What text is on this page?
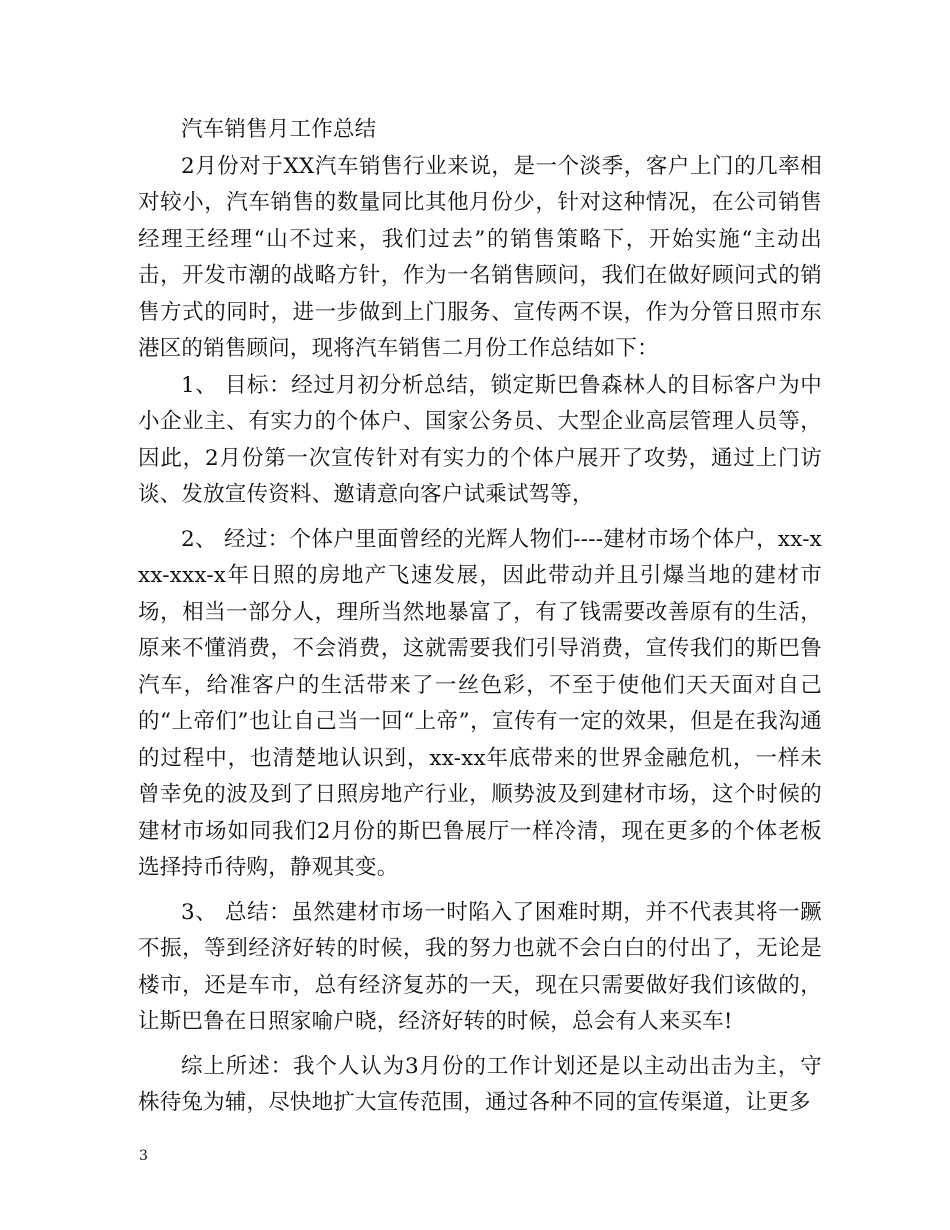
汽车销售月工作总结

2月份对于XX汽车销售行业来说，是一个淡季，客户上门的几率相对较小，汽车销售的数量同比其他月份少，针对这种情况，在公司销售经理王经理“山不过来，我们过去”的销售策略下，开始实施“主动出击，开发市潮的战略方针，作为一名销售顾问，我们在做好顾问式的销售方式的同时，进一步做到上门服务、宣传两不误，作为分管日照市东港区的销售顾问，现将汽车销售二月份工作总结如下：

1、 目标：经过月初分析总结，锁定斯巴鲁森林人的目标客户为中小企业主、有实力的个体户、国家公务员、大型企业高层管理人员等，因此，2月份第一次宣传针对有实力的个体户展开了攻势，通过上门访谈、发放宣传资料、邀请意向客户试乘试驾等，

2、 经过：个体户里面曾经的光辉人物们----建材市场个体户，xx-xxx-xxx-x年日照的房地产飞速发展，因此带动并且引爆当地的建材市场，相当一部分人，理所当然地暴富了，有了钱需要改善原有的生活，原来不懂消费，不会消费，这就需要我们引导消费，宣传我们的斯巴鲁汽车，给准客户的生活带来了一丝色彩，不至于使他们天天面对自己的“上帝们”也让自己当一回“上帝”，宣传有一定的效果，但是在我沟通的过程中，也清楚地认识到，xx-xx年底带来的世界金融危机，一样未曾幸免的波及到了日照房地产行业，顺势波及到建材市场，这个时候的建材市场如同我们2月份的斯巴鲁展厅一样冷清，现在更多的个体老板选择持币待购，静观其变。

3、 总结：虽然建材市场一时陷入了困难时期，并不代表其将一蹶不振，等到经济好转的时候，我的努力也就不会白白的付出了，无论是楼市，还是车市，总有经济复苏的一天，现在只需要做好我们该做的，让斯巴鲁在日照家喻户晓，经济好转的时候，总会有人来买车!

综上所述：我个人认为3月份的工作计划还是以主动出击为主，守株待兔为辅，尽快地扩大宣传范围，通过各种不同的宣传渠道，让更多

3
